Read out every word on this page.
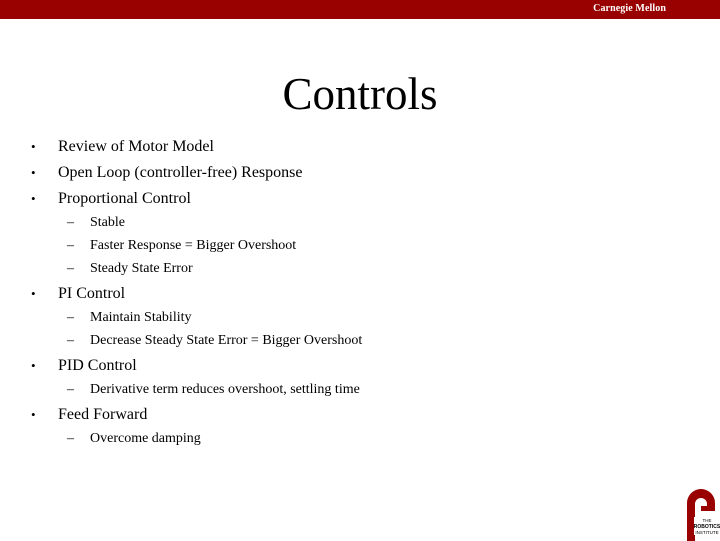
Carnegie Mellon
Controls
• Review of Motor Model
• Open Loop (controller-free) Response
• Proportional Control
– Stable
– Faster Response = Bigger Overshoot
– Steady State Error
• PI Control
– Maintain Stability
– Decrease Steady State Error = Bigger Overshoot
• PID Control
– Derivative term reduces overshoot, settling time
• Feed Forward
– Overcome damping
THE
ROBOTICS
INSTITUTE
